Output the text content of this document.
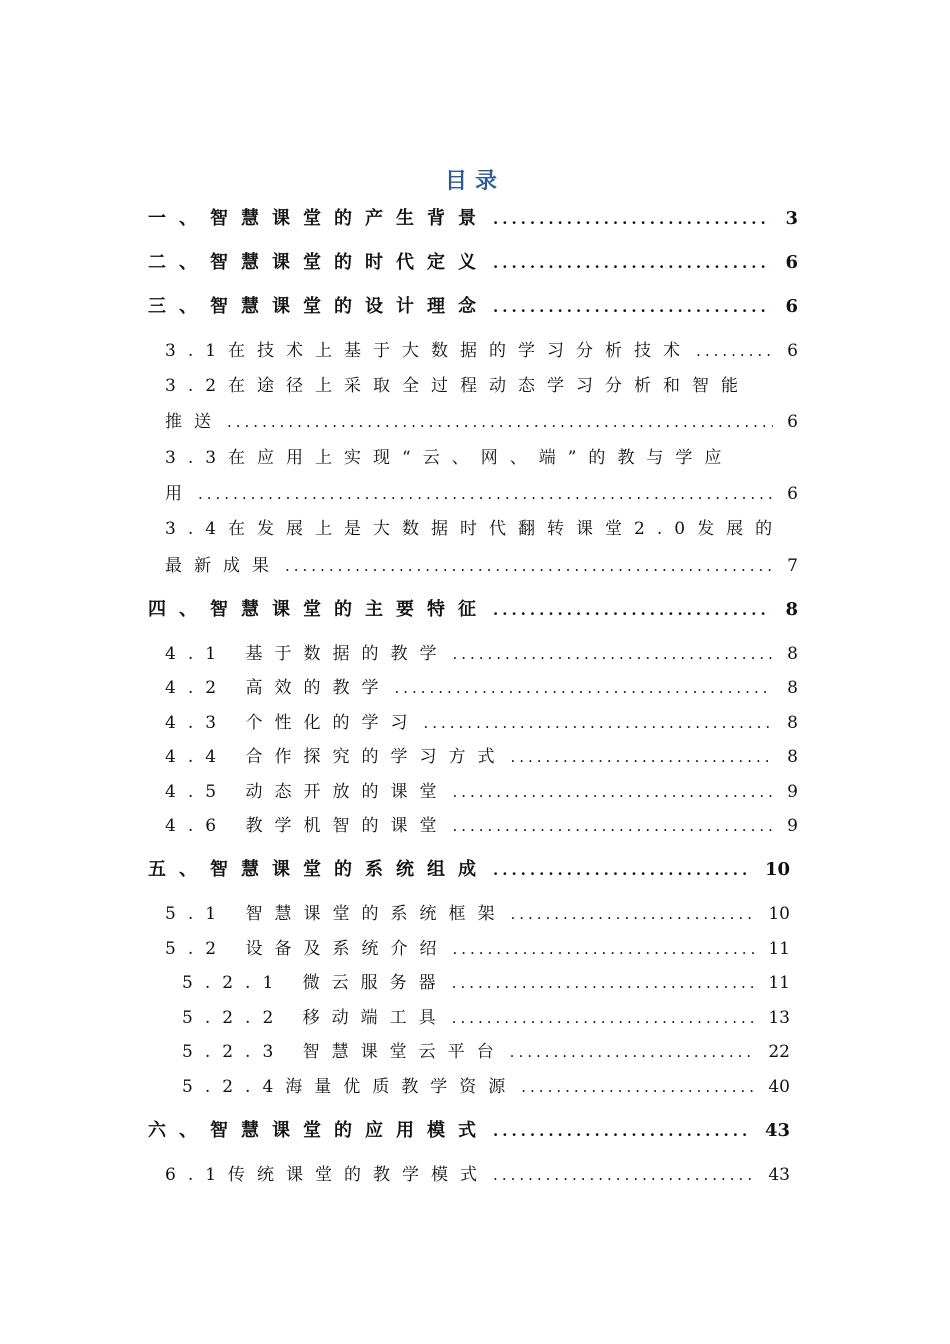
目录
一、智慧课堂的产生背景 .....	3
二、智慧课堂的时代定义 .....	6
三、智慧课堂的设计理念 .....	6
3.1在技术上基于大数据的学习分析技术 .....	6
3.2在途径上采取全过程动态学习分析和智能
推送 .....	6
3.3在应用上实现“云、网、端”的教与学应
用 .....	6
3.4在发展上是大数据时代翻转课堂2.0发展的
最新成果 .....	7
四、智慧课堂的主要特征 .....	8
4.1 基于数据的教学 .....	8
4.2 高效的教学 .....	8
4.3 个性化的学习 .....	8
4.4 合作探究的学习方式 .....	8
4.5 动态开放的课堂 .....	9
4.6 教学机智的课堂 .....	9
五、智慧课堂的系统组成 .....	10
5.1 智慧课堂的系统框架 .....	10
5.2 设备及系统介绍 .....	11
5.2.1 微云服务器 .....	11
5.2.2 移动端工具 .....	13
5.2.3 智慧课堂云平台 .....	22
5.2.4海量优质教学资源 .....	40
六、智慧课堂的应用模式 .....	43
6.1传统课堂的教学模式 .....	43
